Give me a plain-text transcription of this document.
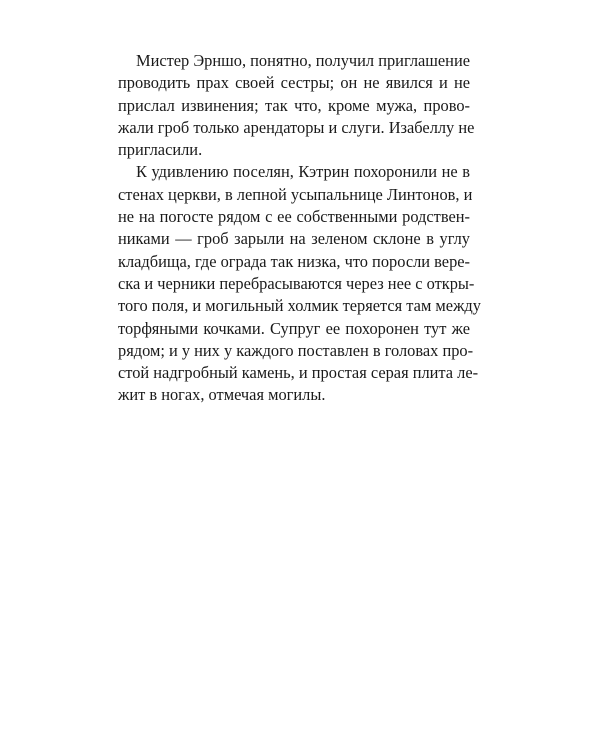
Мистер Эрншо, понятно, получил приглашение
проводить прах своей сестры; он не явился и не
прислал извинения; так что, кроме мужа, прово-
жали гроб только арендаторы и слуги. Изабеллу не
пригласили.
К удивлению поселян, Кэтрин похоронили не в
стенах церкви, в лепной усыпальнице Линтонов, и
не на погосте рядом с ее собственными родствен-
никами — гроб зарыли на зеленом склоне в углу
кладбища, где ограда так низка, что поросли вере-
ска и черники перебрасываются через нее с откры-
того поля, и могильный холмик теряется там между
торфяными кочками. Супруг ее похоронен тут же
рядом; и у них у каждого поставлен в головах про-
стой надгробный камень, и простая серая плита ле-
жит в ногах, отмечая могилы.
